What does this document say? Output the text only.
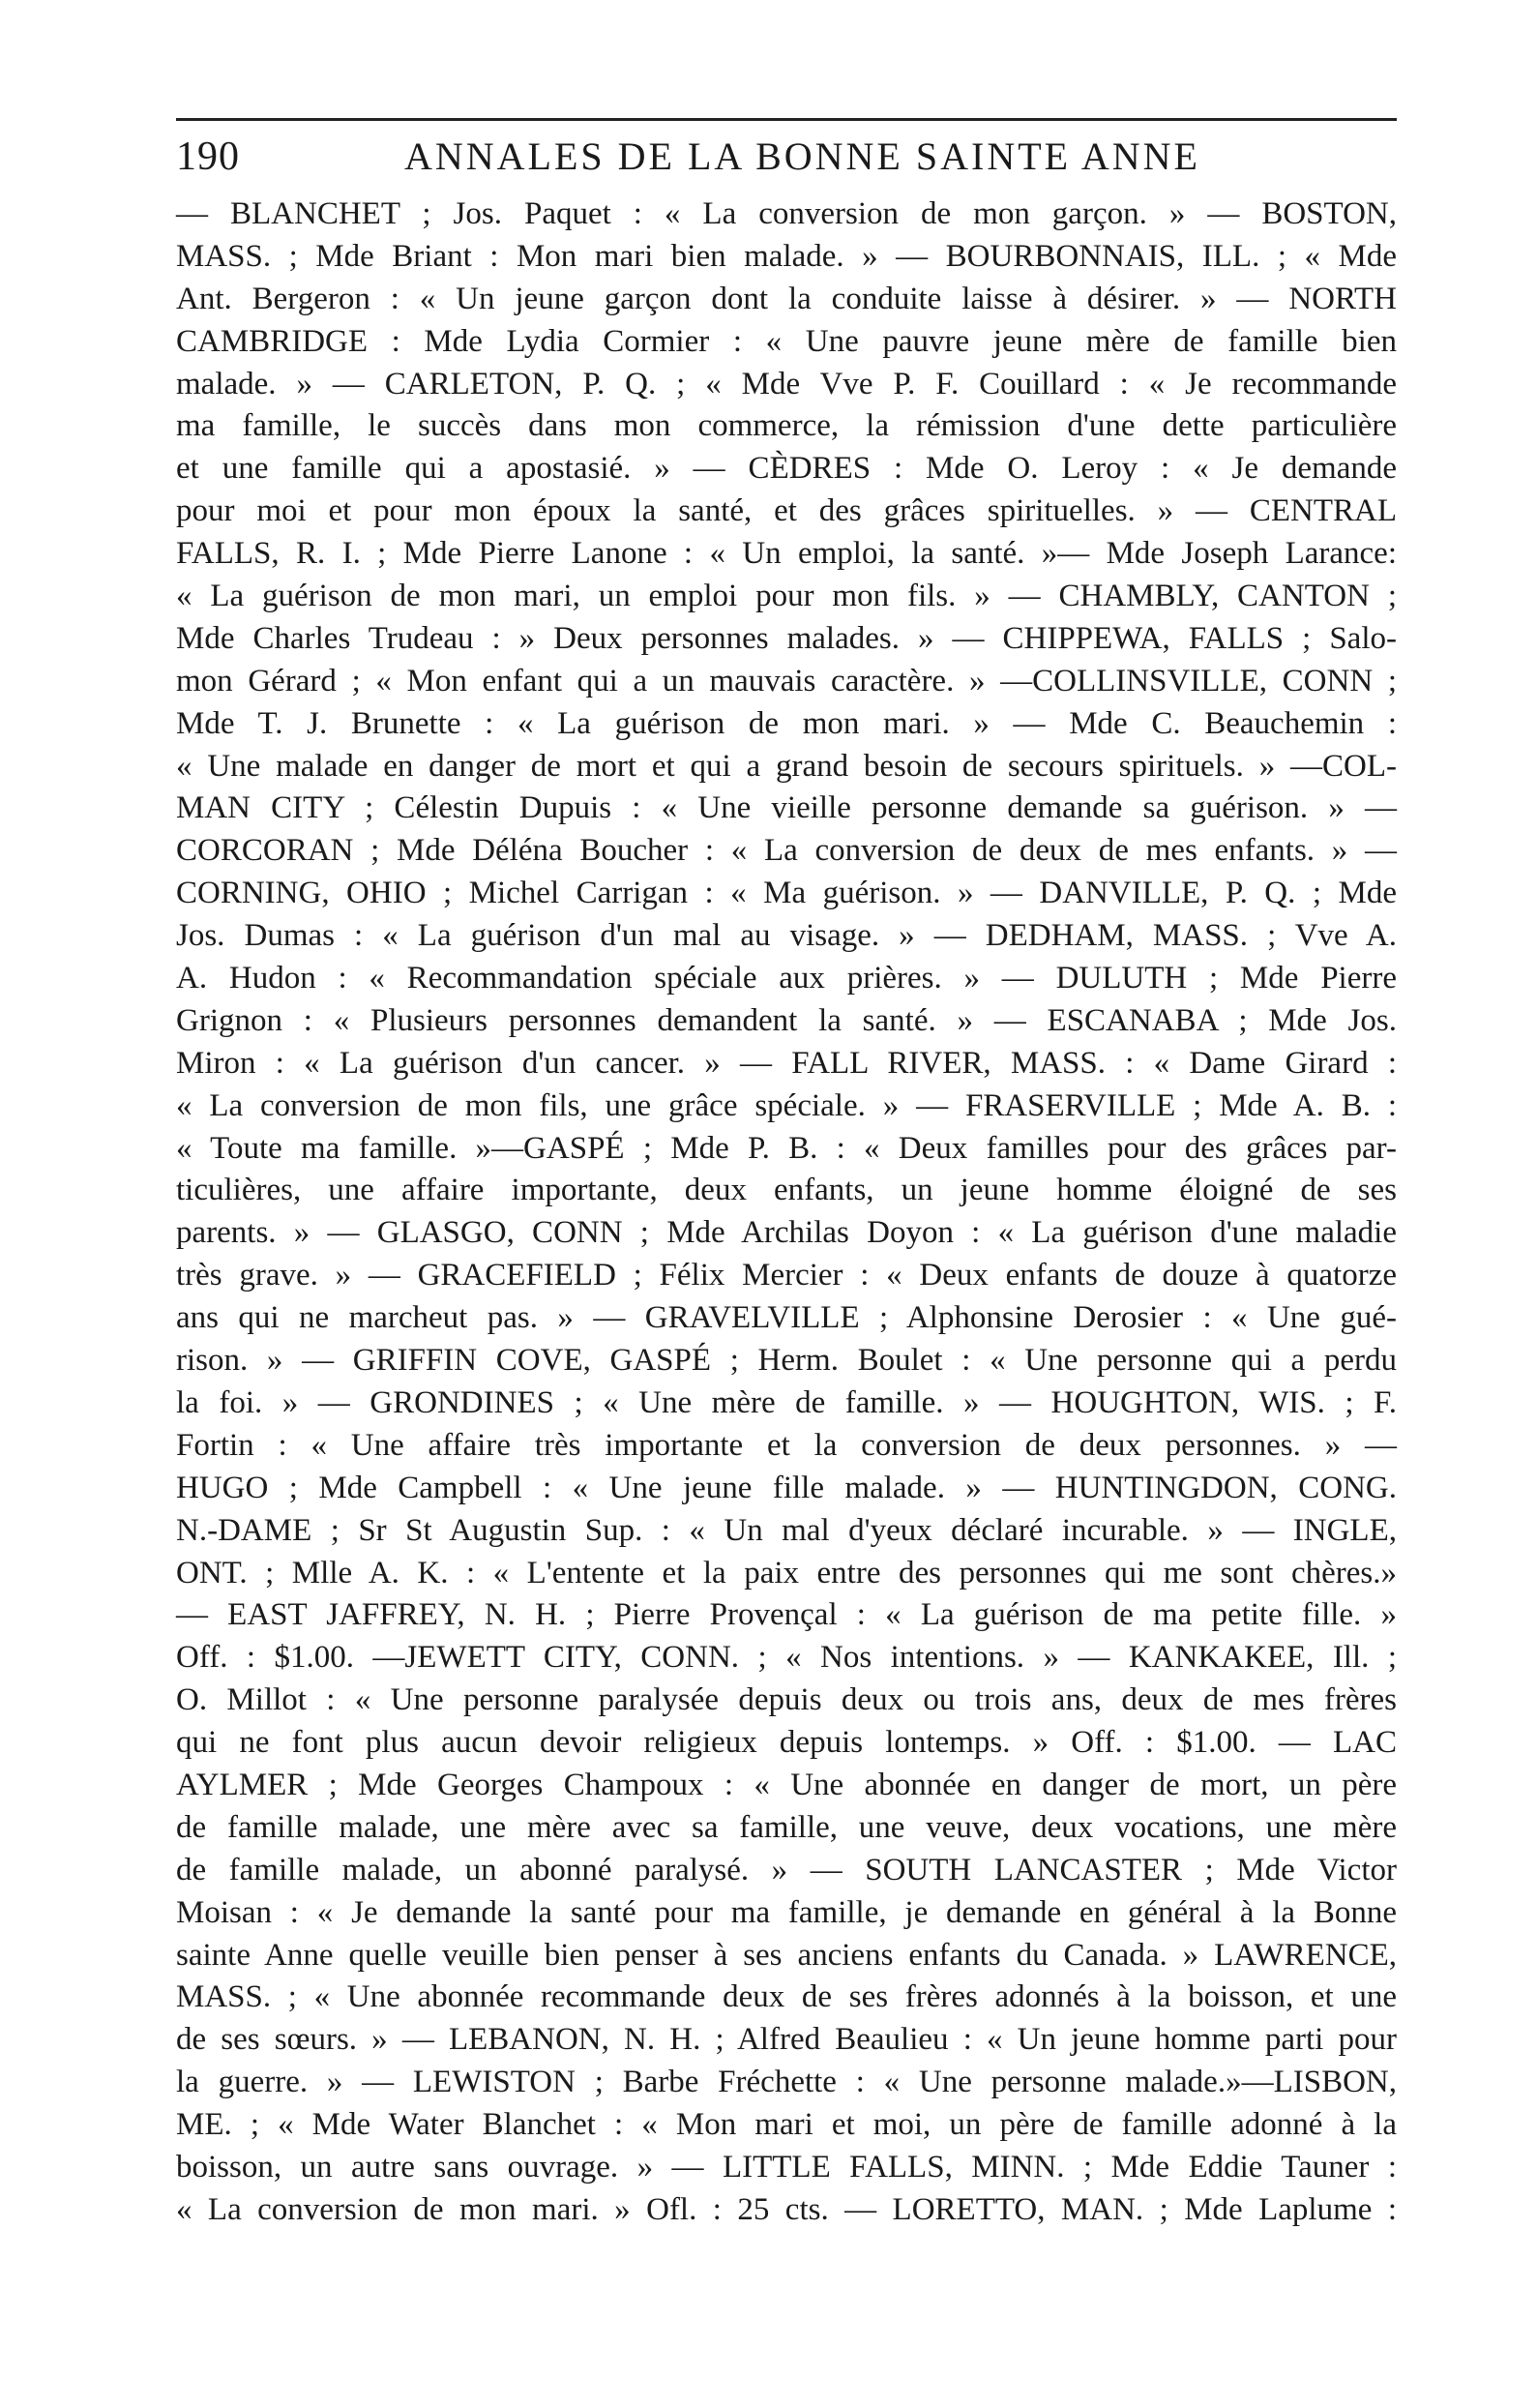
190	ANNALES DE LA BONNE SAINTE ANNE
— BLANCHET ; Jos. Paquet : « La conversion de mon garçon. » — BOSTON,
MASS. ; Mde Briant : Mon mari bien malade. » — BOURBONNAIS, ILL. ; « Mde
Ant. Bergeron : « Un jeune garçon dont la conduite laisse à désirer. » — NORTH
CAMBRIDGE : Mde Lydia Cormier : « Une pauvre jeune mère de famille bien
malade. » — CARLETON, P. Q. ; « Mde Vve P. F. Couillard : « Je recommande
ma famille, le succès dans mon commerce, la rémission d'une dette particulière
et une famille qui a apostasié. » — CÈDRES : Mde O. Leroy : « Je demande
pour moi et pour mon époux la santé, et des grâces spirituelles. » — CENTRAL
FALLS, R. I. ; Mde Pierre Lanone : « Un emploi, la santé. »— Mde Joseph Larance:
« La guérison de mon mari, un emploi pour mon fils. » — CHAMBLY, CANTON ;
Mde Charles Trudeau : » Deux personnes malades. » — CHIPPEWA, FALLS ; Salo-
mon Gérard ; « Mon enfant qui a un mauvais caractère. » —COLLINSVILLE, CONN ;
Mde T. J. Brunette : « La guérison de mon mari. » — Mde C. Beauchemin :
« Une malade en danger de mort et qui a grand besoin de secours spirituels. » —COL-
MAN CITY ; Célestin Dupuis : « Une vieille personne demande sa guérison. » —
CORCORAN ; Mde Déléna Boucher : « La conversion de deux de mes enfants. » —
CORNING, OHIO ; Michel Carrigan : « Ma guérison. » — DANVILLE, P. Q. ; Mde
Jos. Dumas : « La guérison d'un mal au visage. » — DEDHAM, MASS. ; Vve A.
A. Hudon : « Recommandation spéciale aux prières. » — DULUTH ; Mde Pierre
Grignon : « Plusieurs personnes demandent la santé. » — ESCANABA ; Mde Jos.
Miron : « La guérison d'un cancer. » — FALL RIVER, MASS. : « Dame Girard :
« La conversion de mon fils, une grâce spéciale. » — FRASERVILLE ; Mde A. B. :
« Toute ma famille. »—GASPÉ ; Mde P. B. : « Deux familles pour des grâces par-
ticulières, une affaire importante, deux enfants, un jeune homme éloigné de ses
parents. » — GLASGO, CONN ; Mde Archilas Doyon : « La guérison d'une maladie
très grave. » — GRACEFIELD ; Félix Mercier : « Deux enfants de douze à quatorze
ans qui ne marcheut pas. » — GRAVELVILLE ; Alphonsine Derosier : « Une gué-
rison. » — GRIFFIN COVE, GASPÉ ; Herm. Boulet : « Une personne qui a perdu
la foi. » — GRONDINES ; « Une mère de famille. » — HOUGHTON, WIS. ; F.
Fortin : « Une affaire très importante et la conversion de deux personnes. » —
HUGO ; Mde Campbell : « Une jeune fille malade. » — HUNTINGDON, CONG.
N.-DAME ; Sr St Augustin Sup. : « Un mal d'yeux déclaré incurable. » — INGLE,
ONT. ; Mlle A. K. : « L'entente et la paix entre des personnes qui me sont chères.»
— EAST JAFFREY, N. H. ; Pierre Provençal : « La guérison de ma petite fille. »
Off. : $1.00. —JEWETT CITY, CONN. ; « Nos intentions. » — KANKAKEE, Ill. ;
O. Millot : « Une personne paralysée depuis deux ou trois ans, deux de mes frères
qui ne font plus aucun devoir religieux depuis lontemps. » Off. : $1.00. — LAC
AYLMER ; Mde Georges Champoux : « Une abonnée en danger de mort, un père
de famille malade, une mère avec sa famille, une veuve, deux vocations, une mère
de famille malade, un abonné paralysé. » — SOUTH LANCASTER ; Mde Victor
Moisan : « Je demande la santé pour ma famille, je demande en général à la Bonne
sainte Anne quelle veuille bien penser à ses anciens enfants du Canada. » LAWRENCE,
MASS. ; « Une abonnée recommande deux de ses frères adonnés à la boisson, et une
de ses sœurs. » — LEBANON, N. H. ; Alfred Beaulieu : « Un jeune homme parti pour
la guerre. » — LEWISTON ; Barbe Fréchette : « Une personne malade.»—LISBON,
ME. ; « Mde Water Blanchet : « Mon mari et moi, un père de famille adonné à la
boisson, un autre sans ouvrage. » — LITTLE FALLS, MINN. ; Mde Eddie Tauner :
« La conversion de mon mari. » Ofl. : 25 cts. — LORETTO, MAN. ; Mde Laplume :
